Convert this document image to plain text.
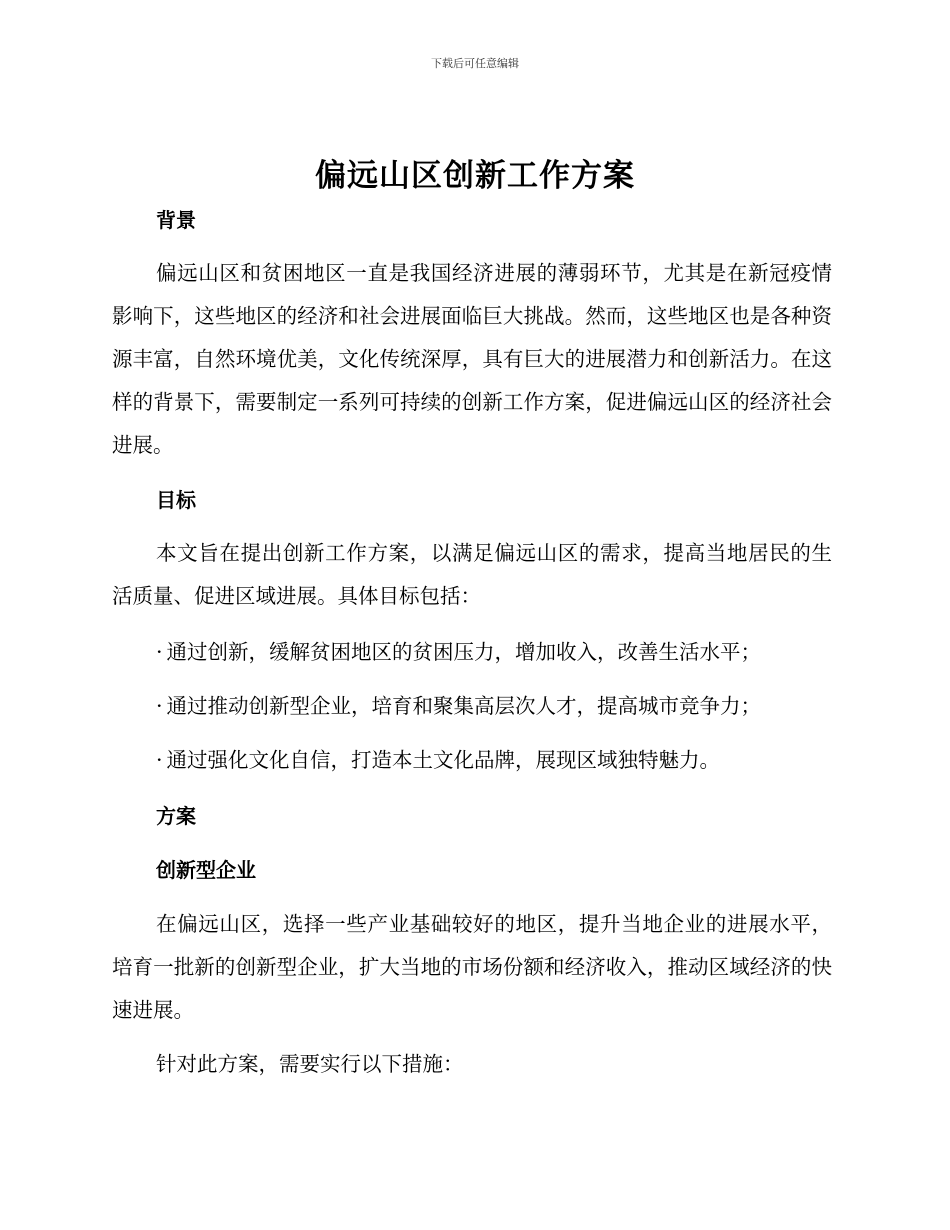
下载后可任意编辑
偏远山区创新工作方案
背景
偏远山区和贫困地区一直是我国经济进展的薄弱环节，尤其是在新冠疫情影响下，这些地区的经济和社会进展面临巨大挑战。然而，这些地区也是各种资源丰富，自然环境优美，文化传统深厚，具有巨大的进展潜力和创新活力。在这样的背景下，需要制定一系列可持续的创新工作方案，促进偏远山区的经济社会进展。
目标
本文旨在提出创新工作方案，以满足偏远山区的需求，提高当地居民的生活质量、促进区域进展。具体目标包括：
· 通过创新，缓解贫困地区的贫困压力，增加收入，改善生活水平；
· 通过推动创新型企业，培育和聚集高层次人才，提高城市竞争力；
· 通过强化文化自信，打造本土文化品牌，展现区域独特魅力。
方案
创新型企业
在偏远山区，选择一些产业基础较好的地区，提升当地企业的进展水平，培育一批新的创新型企业，扩大当地的市场份额和经济收入，推动区域经济的快速进展。
针对此方案，需要实行以下措施：
